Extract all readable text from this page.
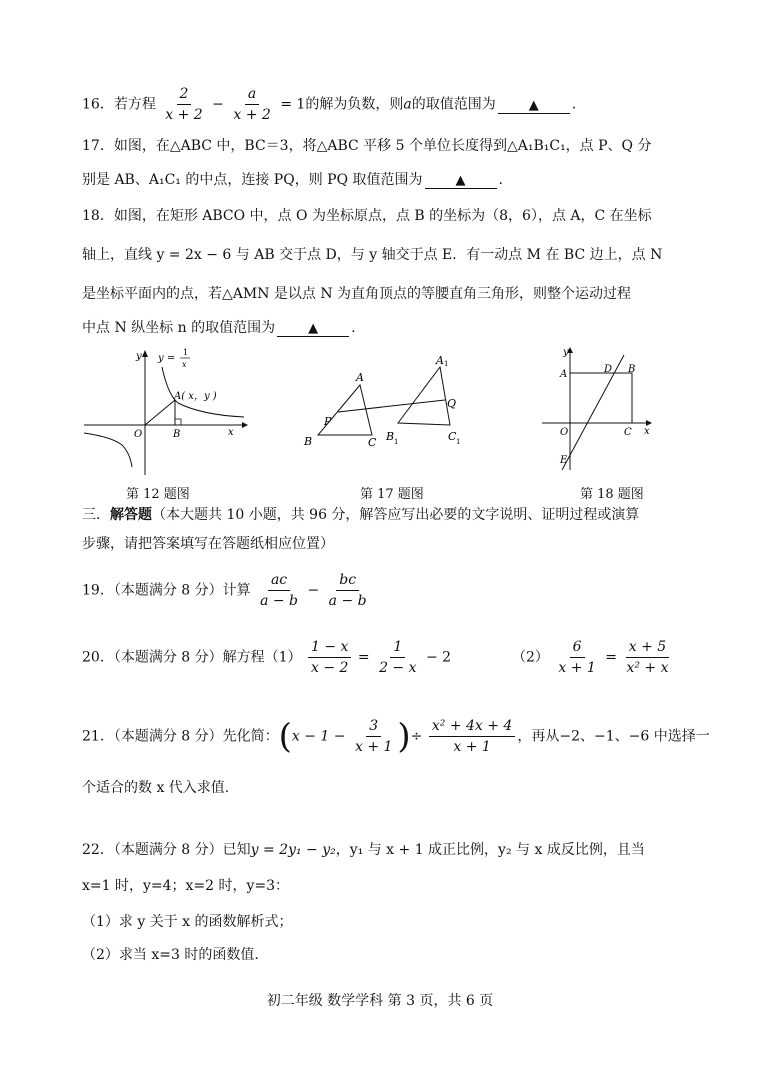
16．若方程 $\frac{2}{x + 2} - \frac{a}{x + 2} = 1$的解为负数，则a的取值范围为	▲ .
17．如图，在△ABC 中，BC＝3，将△ABC 平移 5 个单位长度得到△A₁B₁C₁，点 P、Q 分
别是 AB、A₁C₁ 的中点，连接 PQ，则 PQ 取值范围为	▲ .
18．如图，在矩形 ABCO 中，点 O 为坐标原点，点 B 的坐标为（8，6），点 A，C 在坐标
轴上，直线 y = 2x − 6 与 AB 交于点 D，与 y 轴交于点 E．有一动点 M 在 BC 边上，点 N
是坐标平面内的点，若△AMN 是以点 N 为直角顶点的等腰直角三角形，则整个运动过程
中点 N 纵坐标 n 的取值范围为	▲ .
y
x
O
y =
1
x
A( x，y )
B
第 12 题图
A
B	C
P
Q
A 1
B 1	C 1
第 17 题图
y
x
A	D B
O	C
E
第 18 题图
三．解答题（本大题共 10 小题，共 96 分，解答应写出必要的文字说明、证明过程或演算
步骤，请把答案填写在答题纸相应位置）
19．（本题满分 8 分）计算 $\frac{ac}{a - b} - \frac{bc}{a - b}$
20．（本题满分 8 分）解方程$(1) \frac{1 - x}{x - 2} = \frac{1}{2 - x} - 2$	$(2) \frac{6}{x + 1} = \frac{x + 5}{\text{x² + x}}$
21．（本题满分 8 分）先化简：($x - 1 - \frac{3}{x + 1}$ )÷ $\frac{\text{x² + 4x + 4}}{x + 1}$ ，再从−2、−1、−6 中选择一
个适合的数 x 代入求值.
22．（本题满分 8 分）已知y = 2y₁ − y₂，y₁ 与 x + 1 成正比例，y₂ 与 x 成反比例，且当
x=1 时，y=4；x=2 时，y=3：
（1）求 y 关于 x 的函数解析式；
（2）求当 x=3 时的函数值.
初二年级 数学学科 第 3 页，共 6 页
